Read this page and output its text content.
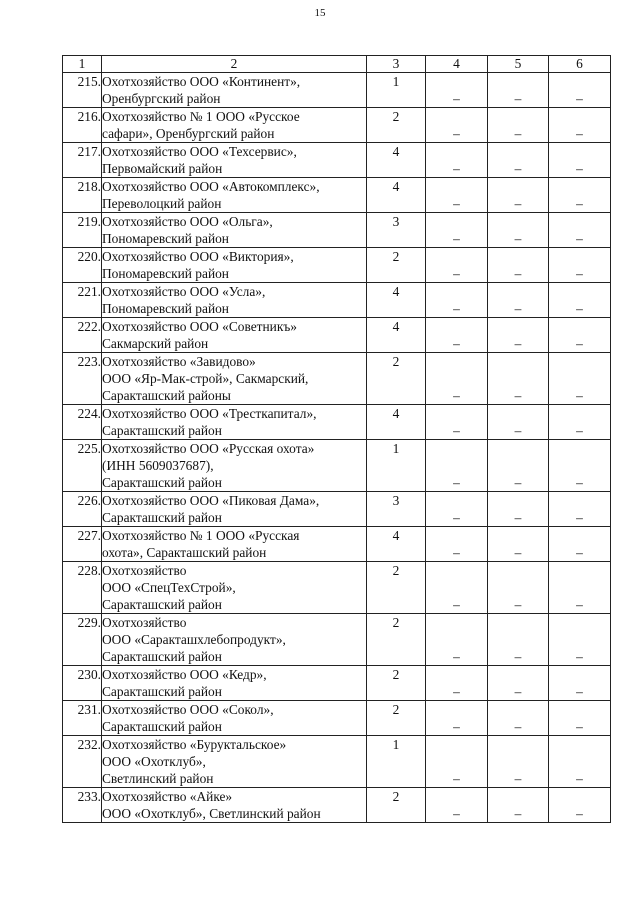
15
1	2	3	4	5	6
215.	Охотхозяйство ООО «Континент»,
Оренбургский район	1	–	–	–

216.	Охотхозяйство № 1 ООО «Русское
сафари», Оренбургский район	2	–	–	–

217.	Охотхозяйство ООО «Техсервис»,
Первомайский район	4	–	–	–

218.	Охотхозяйство ООО «Автокомплекс»,
Переволоцкий район	4	–	–	–

219.	Охотхозяйство ООО «Ольга»,
Пономаревский район	3	–	–	–

220.	Охотхозяйство ООО «Виктория»,
Пономаревский район	2	–	–	–

221.	Охотхозяйство ООО «Усла»,
Пономаревский район	4	–	–	–

222.	Охотхозяйство ООО «Советникъ»
Сакмарский район	4	–	–	–

223.	Охотхозяйство «Завидово»
ООО «Яр-Мак-строй», Сакмарский,
Саракташский районы	2	–	–	–

224.	Охотхозяйство ООО «Тресткапитал»,
Саракташский район	4	–	–	–

225.	Охотхозяйство ООО «Русская охота»
(ИНН 5609037687),
Саракташский район	1	–	–	–

226.	Охотхозяйство ООО «Пиковая Дама»,
Саракташский район	3	–	–	–

227.	Охотхозяйство № 1 ООО «Русская
охота», Саракташский район	4	–	–	–

228.	Охотхозяйство
ООО «СпецТехСтрой»,
Саракташский район	2	–	–	–

229.	Охотхозяйство
ООО «Саракташхлебопродукт»,
Саракташский район	2	–	–	–

230.	Охотхозяйство ООО «Кедр»,
Саракташский район	2	–	–	–

231.	Охотхозяйство ООО «Сокол»,
Саракташский район	2	–	–	–

232.	Охотхозяйство «Буруктальское»
ООО «Охотклуб»,
Светлинский район	1	–	–	–

233.	Охотхозяйство «Айке»
ООО «Охотклуб», Светлинский район	2	–	–	–
